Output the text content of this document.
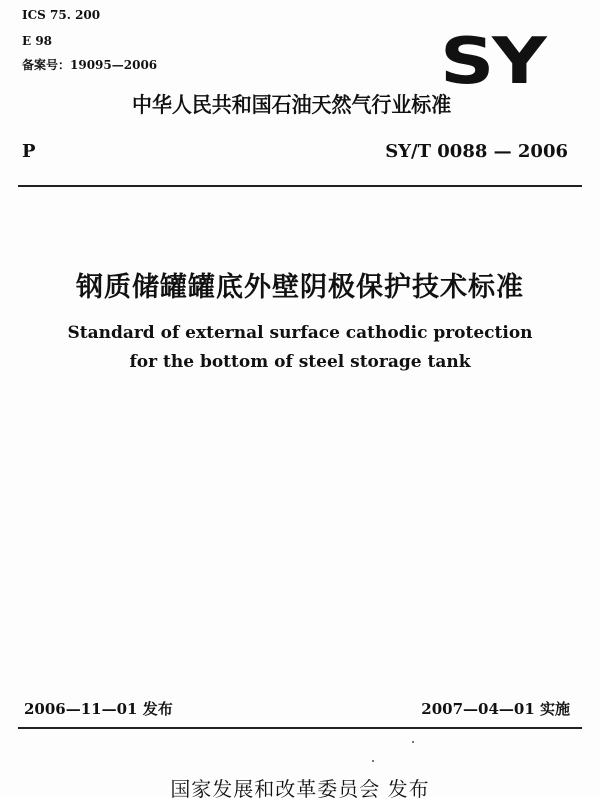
ICS 75. 200
E 98
备案号：19095—2006	SY
中华人民共和国石油天然气行业标准
P	SY/T 0088 — 2006
钢质储罐罐底外壁阴极保护技术标准
Standard of external surface cathodic protection
for the bottom of steel storage tank
2006—11—01 发布	2007—04—01 实施
国家发展和改革委员会 发布
